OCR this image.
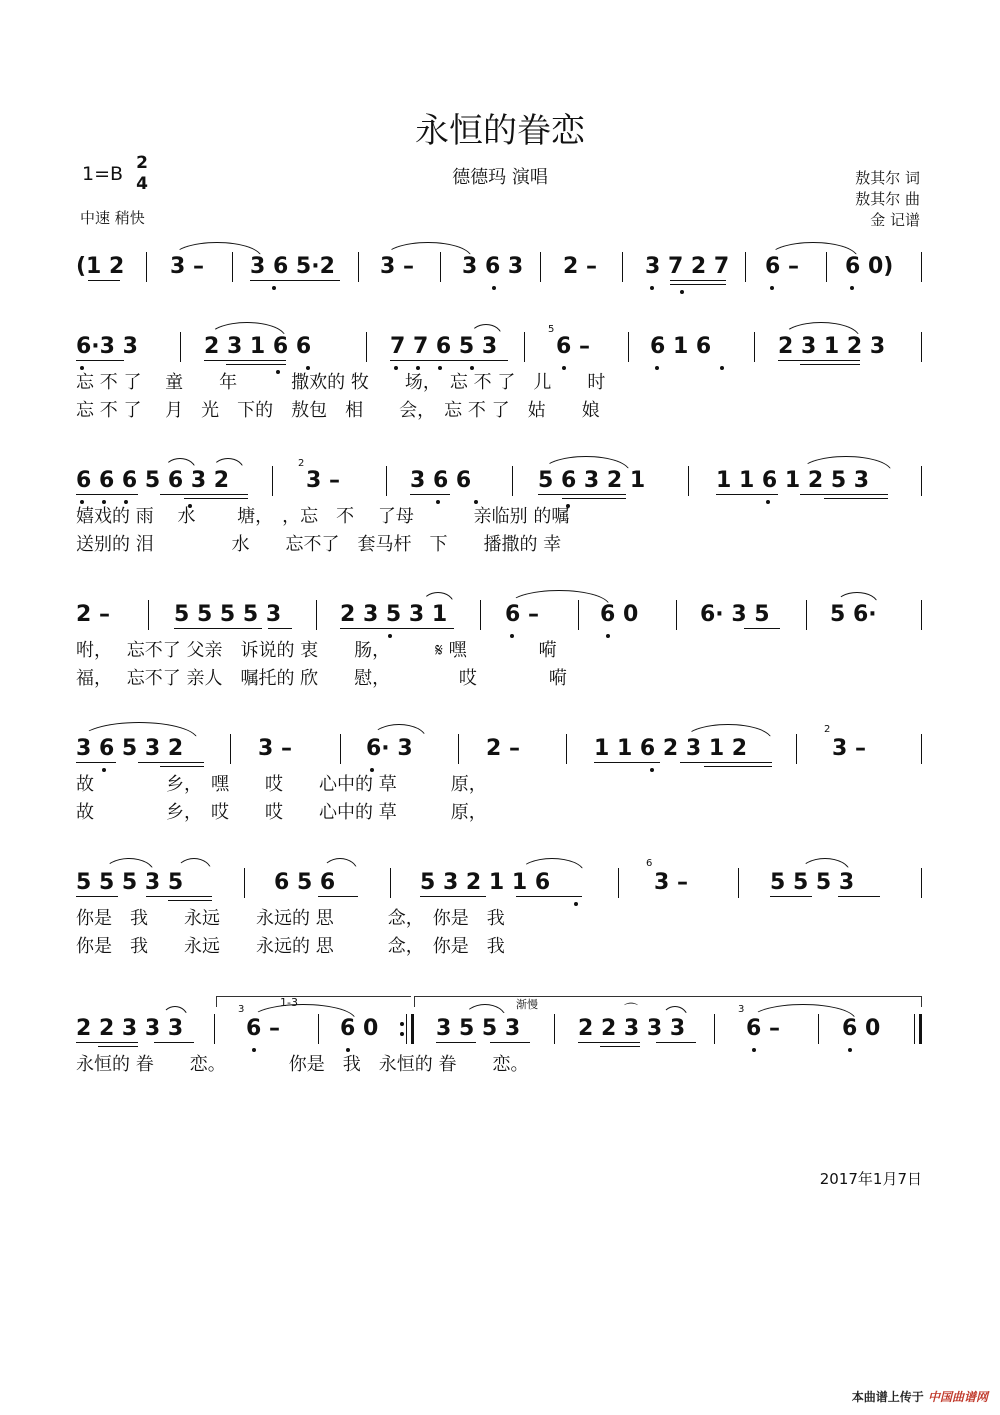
永恒的眷恋
德德玛 演唱
1=B 2
4
中速 稍快
敖其尔 词
敖其尔 曲
金 记谱
(1 2 3 – 3 6 5·2 3 – 3 6 3 2 – 3 7 2 7 6 – 6 0)
6·3 3	2 3 1 6 6	7 7 6 5 3
5
6 –	6 1 6	2 3 1 2 3
忘 不 了　 童　　年　　　撒欢的 牧　　场，　忘 不 了　儿　　时
忘 不 了　 月　光　下的　敖包　相　　会，　忘 不 了　姑　　娘
6 6 6 5 6 3 2
2
3 –	3 6 6	5 6 3 2 1	1 1 6 1 2 5 3
嬉戏的 雨　 水　　 塘，　，忘　不　 了母　　　 亲临别 的嘱
送别的 泪　　　　 水　　忘不了　套马杆　下　　播撒的 幸
2 –	5 5 5 5 3	2 3 5 3 1	6 –	6 0	6· 3 5	5 6·
咐，　 忘不了 父亲　诉说的 衷　　肠，　　　𝄋 嘿　　　　嗬
福，　 忘不了 亲人　嘱托的 欣　　慰，　　　　 哎　　　　嗬
3 6 5 3 2	3 –	6· 3	2 –	1 1 6 2 3 1 2
2
3 –
故　　　　乡，　嘿　　哎　　心中的 草　　　原，
故　　　　乡，　哎　　哎　　心中的 草　　　原，
5 5 5 3 5	6 5 6	5 3 2 1 1 6
6
3 –	5 5 5 3
你是　我　　永远　　永远的 思　　　念，　你是　我
你是　我　　永远　　永远的 思　　　念，　你是　我
1-3	渐慢
2 2 3 3 3
3
6 –	6 0	3 5 5 3	2 2 3 3 3
3
6 –	6 0
⌒
永恒的 眷　　恋。　　　　你是　我　永恒的 眷　　恋。
2017年1月7日
本曲谱上传于 中国曲谱网
